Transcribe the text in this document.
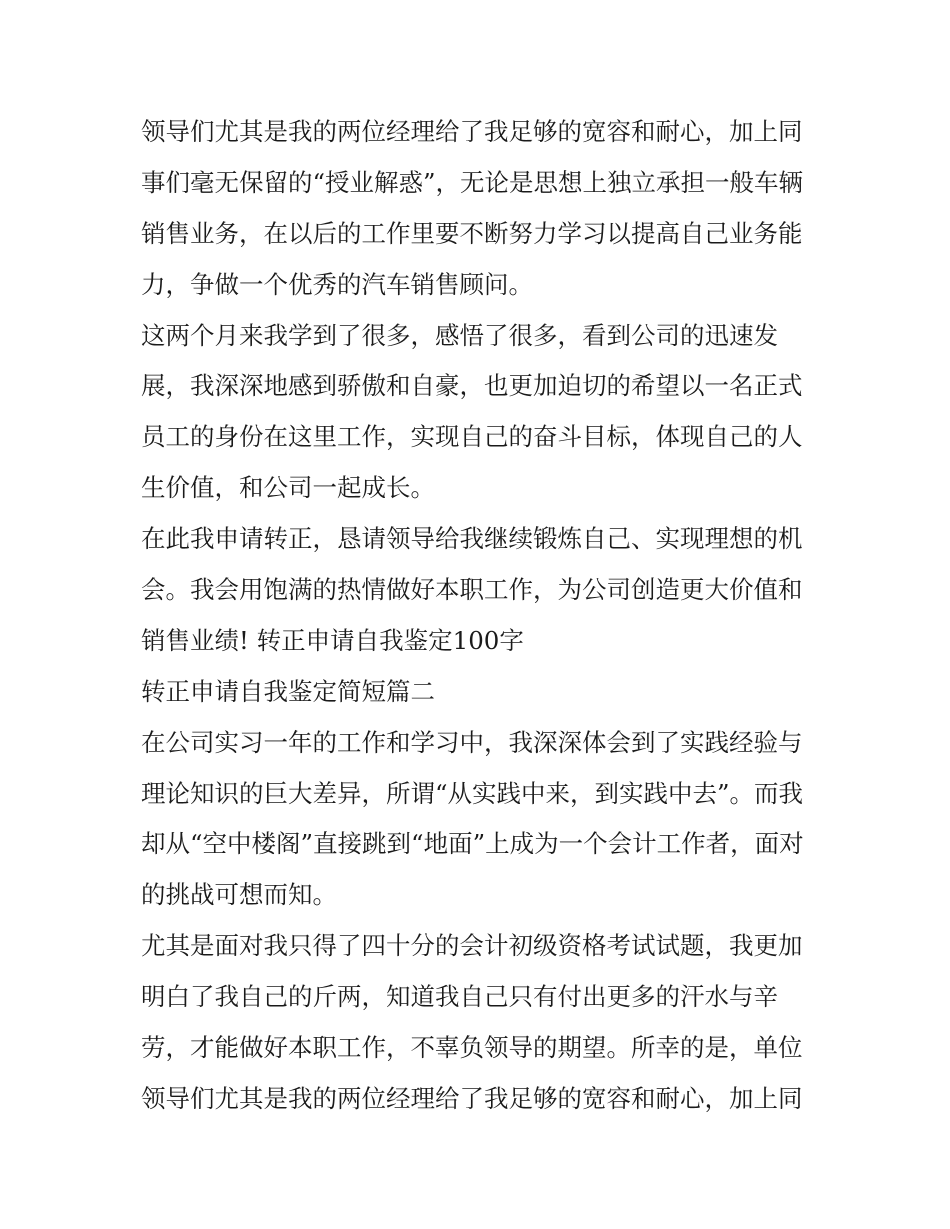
领导们尤其是我的两位经理给了我足够的宽容和耐心，加上同
事们毫无保留的“授业解惑”，无论是思想上独立承担一般车辆
销售业务，在以后的工作里要不断努力学习以提高自己业务能
力，争做一个优秀的汽车销售顾问。
这两个月来我学到了很多，感悟了很多，看到公司的迅速发
展，我深深地感到骄傲和自豪，也更加迫切的希望以一名正式
员工的身份在这里工作，实现自己的奋斗目标，体现自己的人
生价值，和公司一起成长。
在此我申请转正，恳请领导给我继续锻炼自己、实现理想的机
会。我会用饱满的热情做好本职工作，为公司创造更大价值和
销售业绩! 转正申请自我鉴定100字
转正申请自我鉴定简短篇二
在公司实习一年的工作和学习中，我深深体会到了实践经验与
理论知识的巨大差异，所谓“从实践中来，到实践中去”。而我
却从“空中楼阁”直接跳到“地面”上成为一个会计工作者，面对
的挑战可想而知。
尤其是面对我只得了四十分的会计初级资格考试试题，我更加
明白了我自己的斤两，知道我自己只有付出更多的汗水与辛
劳，才能做好本职工作，不辜负领导的期望。所幸的是，单位
领导们尤其是我的两位经理给了我足够的宽容和耐心，加上同
